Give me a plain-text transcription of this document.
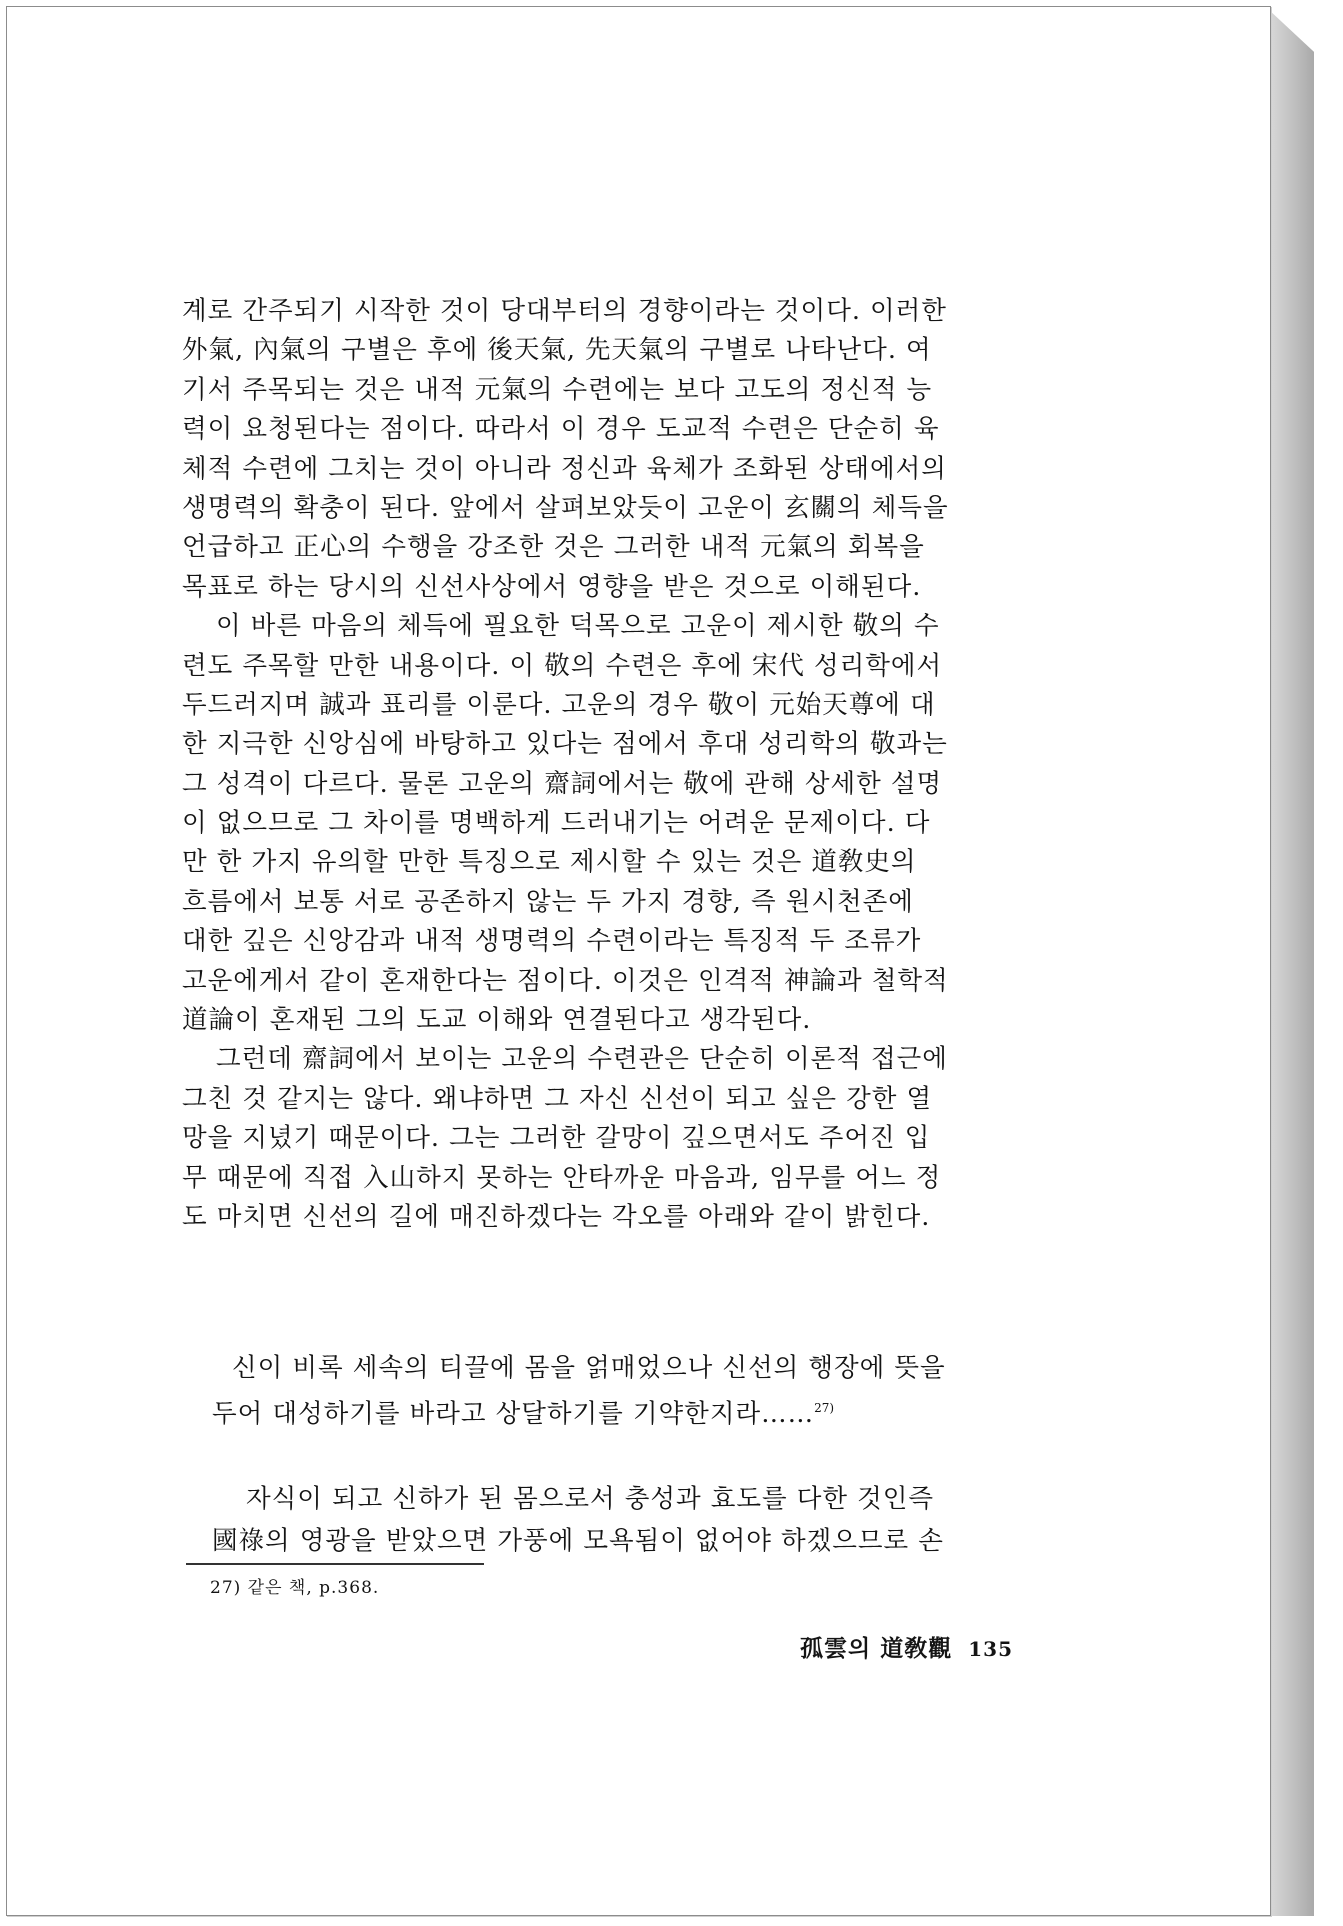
계로 간주되기 시작한 것이 당대부터의 경향이라는 것이다. 이러한
外氣, 內氣의 구별은 후에 後天氣, 先天氣의 구별로 나타난다. 여
기서 주목되는 것은 내적 元氣의 수련에는 보다 고도의 정신적 능
력이 요청된다는 점이다. 따라서 이 경우 도교적 수련은 단순히 육
체적 수련에 그치는 것이 아니라 정신과 육체가 조화된 상태에서의
생명력의 확충이 된다. 앞에서 살펴보았듯이 고운이 玄關의 체득을
언급하고 正心의 수행을 강조한 것은 그러한 내적 元氣의 회복을
목표로 하는 당시의 신선사상에서 영향을 받은 것으로 이해된다.
이 바른 마음의 체득에 필요한 덕목으로 고운이 제시한 敬의 수
련도 주목할 만한 내용이다. 이 敬의 수련은 후에 宋代 성리학에서
두드러지며 誠과 표리를 이룬다. 고운의 경우 敬이 元始天尊에 대
한 지극한 신앙심에 바탕하고 있다는 점에서 후대 성리학의 敬과는
그 성격이 다르다. 물론 고운의 齋詞에서는 敬에 관해 상세한 설명
이 없으므로 그 차이를 명백하게 드러내기는 어려운 문제이다. 다
만 한 가지 유의할 만한 특징으로 제시할 수 있는 것은 道敎史의
흐름에서 보통 서로 공존하지 않는 두 가지 경향, 즉 원시천존에
대한 깊은 신앙감과 내적 생명력의 수련이라는 특징적 두 조류가
고운에게서 같이 혼재한다는 점이다. 이것은 인격적 神論과 철학적
道論이 혼재된 그의 도교 이해와 연결된다고 생각된다.
그런데 齋詞에서 보이는 고운의 수련관은 단순히 이론적 접근에
그친 것 같지는 않다. 왜냐하면 그 자신 신선이 되고 싶은 강한 열
망을 지녔기 때문이다. 그는 그러한 갈망이 깊으면서도 주어진 입
무 때문에 직접 入山하지 못하는 안타까운 마음과, 임무를 어느 정
도 마치면 신선의 길에 매진하겠다는 각오를 아래와 같이 밝힌다.
신이 비록 세속의 티끌에 몸을 얽매었으나 신선의 행장에 뜻을
두어 대성하기를 바라고 상달하기를 기약한지라……$^{27)}$
자식이 되고 신하가 된 몸으로서 충성과 효도를 다한 것인즉
國祿의 영광을 받았으면 가풍에 모욕됨이 없어야 하겠으므로 손
27) 같은 책, p.368.
孤雲의 道敎觀 135
